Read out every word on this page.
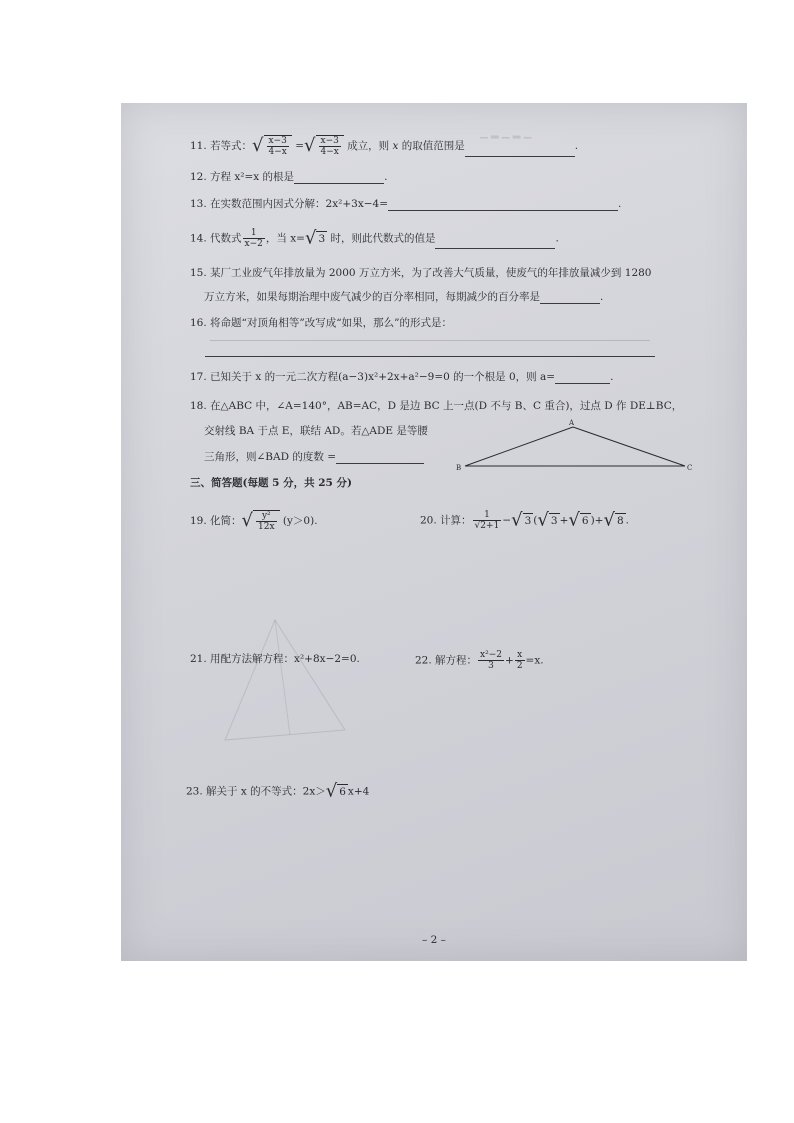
▁ ▂ ▁ ▂ ▁
11. 若等式：√ $\frac{x-3}{4-x}$ =√ $\frac{x-3}{4-x}$ 成立，则 x 的取值范围是	.
12. 方程 x²=x 的根是	.
13. 在实数范围内因式分解：2x²+3x−4=	.
14. 代数式 $\frac{1}{x-2}$ ，当 x=√ 3 时，则此代数式的值是	.
15. 某厂工业废气年排放量为 2000 万立方米，为了改善大气质量，使废气的年排放量减少到 1280
万立方米，如果每期治理中废气减少的百分率相同，每期减少的百分率是	.
16. 将命题“对顶角相等”改写成“如果，那么”的形式是：
17. 已知关于 x 的一元二次方程(a−3)x²+2x+a²−9=0 的一个根是 0，则 a=	.
18. 在△ABC 中，∠A=140°，AB=AC，D 是边 BC 上一点(D 不与 B、C 重合)，过点 D 作 DE⊥BC，
交射线 BA 于点 E，联结 AD。若△ADE 是等腰
三角形，则∠BAD 的度数 =
A
B	C
三、简答题(每题 5 分，共 25 分)
19. 化简：√ $\frac{\text{y²}}{12x} (y>0)$.	20. 计算： $\frac{1}{√2+1}$ −√ 3 (√ 3 +√ 6 )+√ 8 .
21. 用配方法解方程：x²+8x−2=0.	22. 解方程： $\frac{\text{x²−2}}{3} + \frac{x}{2} =x$.
23. 解关于 x 的不等式：2x＞√ 6 x+4
– 2 –
